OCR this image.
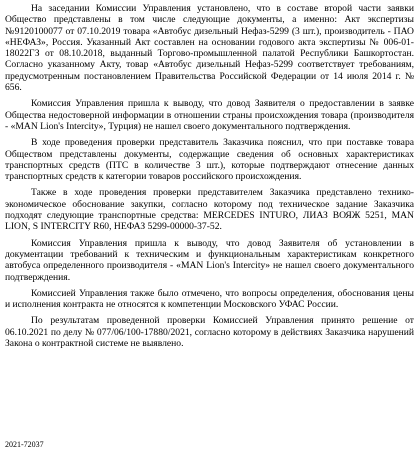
На заседании Комиссии Управления установлено, что в составе второй части заявки Общество представлены в том числе следующие документы, а именно: Акт экспертизы №9120100077 от 07.10.2019 товара «Автобус дизельный Нефаз-5299 (3 шт.), производитель - ПАО «НЕФАЗ», Россия. Указанный Акт составлен на основании годового акта экспертизы № 006-01-18022ГЗ от 08.10.2018, выданный Торгово-промышленной палатой Республики Башкортостан. Согласно указанному Акту, товар «Автобус дизельный Нефаз-5299 соответствует требованиям, предусмотренным постановлением Правительства Российской Федерации от 14 июля 2014 г. № 656.

Комиссия Управления пришла к выводу, что довод Заявителя о предоставлении в заявке Общества недостоверной информации в отношении страны происхождения товара (производителя - «MAN Lion's Intercity», Турция) не нашел своего документального подтверждения.

В ходе проведения проверки представитель Заказчика пояснил, что при поставке товара Обществом представлены документы, содержащие сведения об основных характеристиках транспортных средств (ПТС в количестве 3 шт.), которые подтверждают отнесение данных транспортных средств к категории товаров российского происхождения.

Также в ходе проведения проверки представителем Заказчика представлено технико-экономическое обоснование закупки, согласно которому под техническое задание Заказчика подходят следующие транспортные средства: MERCEDES INTURO, ЛИАЗ ВОЯЖ 5251, MAN LION, S INTERCITY R60, НЕФАЗ 5299-00000-37-52.

Комиссия Управления пришла к выводу, что довод Заявителя об установлении в документации требований к техническим и функциональным характеристикам конкретного автобуса определенного производителя - «MAN Lion's Intercity» не нашел своего документального подтверждения.

Комиссией Управления также было отмечено, что вопросы определения, обоснования цены и исполнения контракта не относятся к компетенции Московского УФАС России.

По результатам проведенной проверки Комиссией Управления принято решение от 06.10.2021 по делу № 077/06/100-17880/2021, согласно которому в действиях Заказчика нарушений Закона о контрактной системе не выявлено.

2021-72037
